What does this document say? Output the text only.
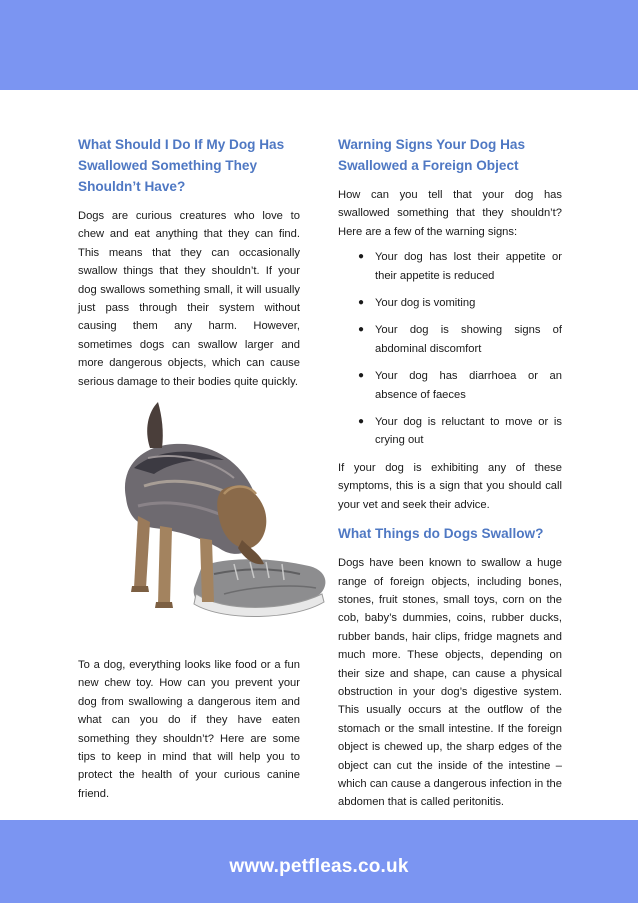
What Should I Do If My Dog Has Swallowed Something They Shouldn’t Have?

Dogs are curious creatures who love to chew and eat anything that they can find. This means that they can occasionally swallow things that they shouldn’t. If your dog swallows something small, it will usually just pass through their system without causing them any harm. However, sometimes dogs can swallow larger and more dangerous objects, which can cause serious damage to their bodies quite quickly.

To a dog, everything looks like food or a fun new chew toy. How can you prevent your dog from swallowing a dangerous item and what can you do if they have eaten something they shouldn’t? Here are some tips to keep in mind that will help you to protect the health of your curious canine friend.

Warning Signs Your Dog Has Swallowed a Foreign Object

How can you tell that your dog has swallowed something that they shouldn’t? Here are a few of the warning signs:

● Your dog has lost their appetite or their appetite is reduced
● Your dog is vomiting
● Your dog is showing signs of abdominal discomfort
● Your dog has diarrhoea or an absence of faeces
● Your dog is reluctant to move or is crying out

If your dog is exhibiting any of these symptoms, this is a sign that you should call your vet and seek their advice.

What Things do Dogs Swallow?

Dogs have been known to swallow a huge range of foreign objects, including bones, stones, fruit stones, small toys, corn on the cob, baby’s dummies, coins, rubber ducks, rubber bands, hair clips, fridge magnets and much more. These objects, depending on their size and shape, can cause a physical obstruction in your dog’s digestive system. This usually occurs at the outflow of the stomach or the small intestine. If the foreign object is chewed up, the sharp edges of the object can cut the inside of the intestine – which can cause a dangerous infection in the abdomen that is called peritonitis.

www.petfleas.co.uk
